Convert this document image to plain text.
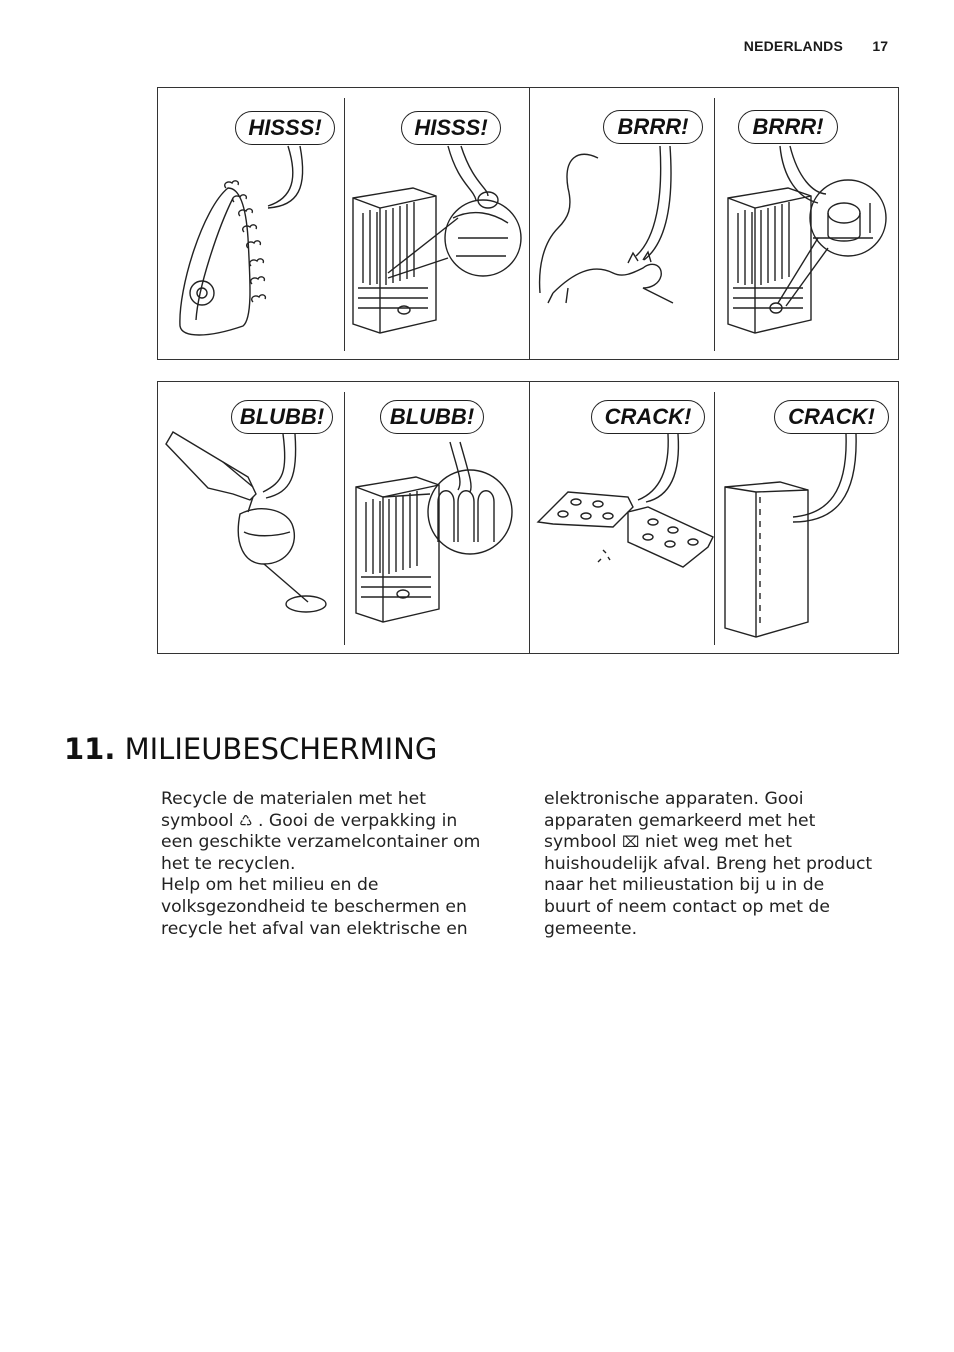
NEDERLANDS 17
HISSS!	HISSS!	BRRR!	BRRR!
BLUBB!	BLUBB!	CRACK!	CRACK!
11. MILIEUBESCHERMING

Recycle de materialen met het symbool ♺ . Gooi de verpakking in een geschikte verzamelcontainer om het te recyclen.

Help om het milieu en de volksgezondheid te beschermen en recycle het afval van elektrische en

elektronische apparaten. Gooi apparaten gemarkeerd met het symbool ⌧ niet weg met het huishoudelijk afval. Breng het product naar het milieustation bij u in de buurt of neem contact op met de gemeente.
